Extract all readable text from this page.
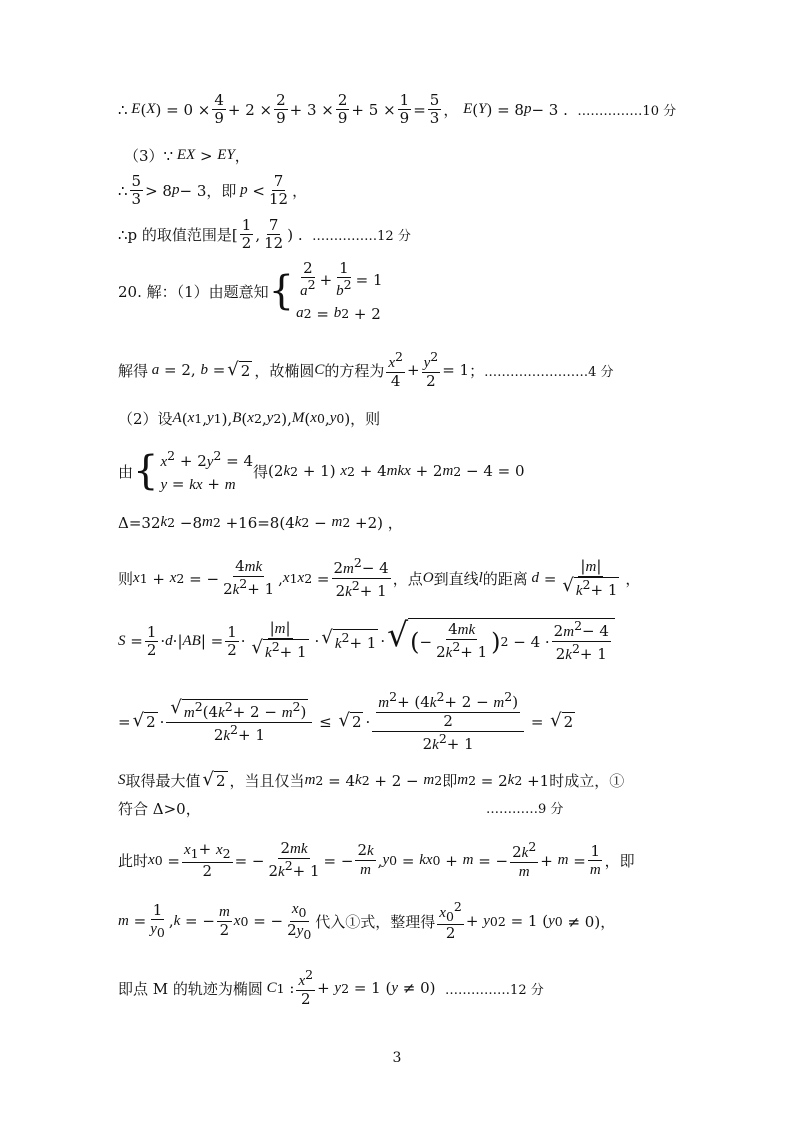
∴ E ( X ) = $0 \times \frac{4}{9} + 2 \times \frac{2}{9} + 3 \times \frac{2}{9} + 5 \times \frac{1}{9} = \frac{5}{3}$ ， E ( Y ) = 8 p − 3 . ……………10 分
（3） ∵ EX > EY ，
∴ $\frac{5}{3} > 8$ p − 3 ，即 $p < \frac{7}{12}$ ，
∴ p 的取值范围是 [ $\frac{1}{2}$ , $\frac{7}{12}$ ) . ……………12 分
20. 解：（1）由题意知 { $\frac{2}{a^2} + \frac{1}{b^2} = 1$
a 2 = b 2 + 2
解得 a = 2, b = √ 2 ，故椭圆 C 的方程为 $\frac{x^2}{4} + \frac{y^2}{2} = 1$ ； ……………………4 分
（2）设 A ( x 1 , y 1 ), B ( x 2 , y 2 ), M ( x 0 , y 0 ) ，则
由 { $x^2 + 2y^2 = 4$
y = kx + m
得 (2 k 2 + 1) x 2 + 4 mkx + 2 m 2 − 4 = 0
Δ=32 k 2 −8 m 2 +16=8(4 k 2 − m 2 +2) ，
则 x 1 + x 2 = − $\frac{4mk}{2k^2+ 1}$ , x 1 x $2 = \frac{2m^2- 4}{2k^2+ 1}$ ，点 O 到直线 l 的距离 $d = \frac{|m|}{√ k^2+ 1}$ ，
$S = \frac{1}{2} \cdot d$ ·| AB | = $\frac{1}{2} \cdot \frac{|m|}{√ k^2+ 1}$ · √ $k^2+ 1$ · √ ( − $\frac{4mk}{2k^2+ 1}$ ) $2 - 4 \cdot \frac{2m^2- 4}{2k^2+ 1}$
= √ $2 \cdot \frac{√ m^2(4k^2+ 2 - m^2)}{2k^2+ 1}$ ≤ √ $2 \cdot \frac{\frac{m^2+ (4k^2+ 2 - m^2)}{2}}{2k^2+ 1}$ = √ 2
S 取得最大值 √ 2 ，当且仅当 m 2 = 4 k 2 + 2 − m 2 即 m 2 = 2 k 2 +1 时成立，①
符合 Δ>0，	…………9 分
此时 x $0 = \frac{x_1+ x_2}{2}$ = − $\frac{2mk}{2k^2+ 1}$ = − $\frac{2k}{m}$ , y 0 = kx 0 + m = − $\frac{2k^2}{m} + m = \frac{1}{m}$ ，即
$m = \frac{1}{y_0}$ , k = − $\frac{m}{2}$ x 0 = − $\frac{x_0}{2y_0}$ 代入①式，整理得 $\frac{x_0^2}{2} + y$ 0 2 = 1 ( y 0 ≠ 0)，
即点 M 的轨迹为椭圆 C 1 : $\frac{x^2}{2} + y$ 2 = 1 ( y ≠ 0) ……………12 分
3
